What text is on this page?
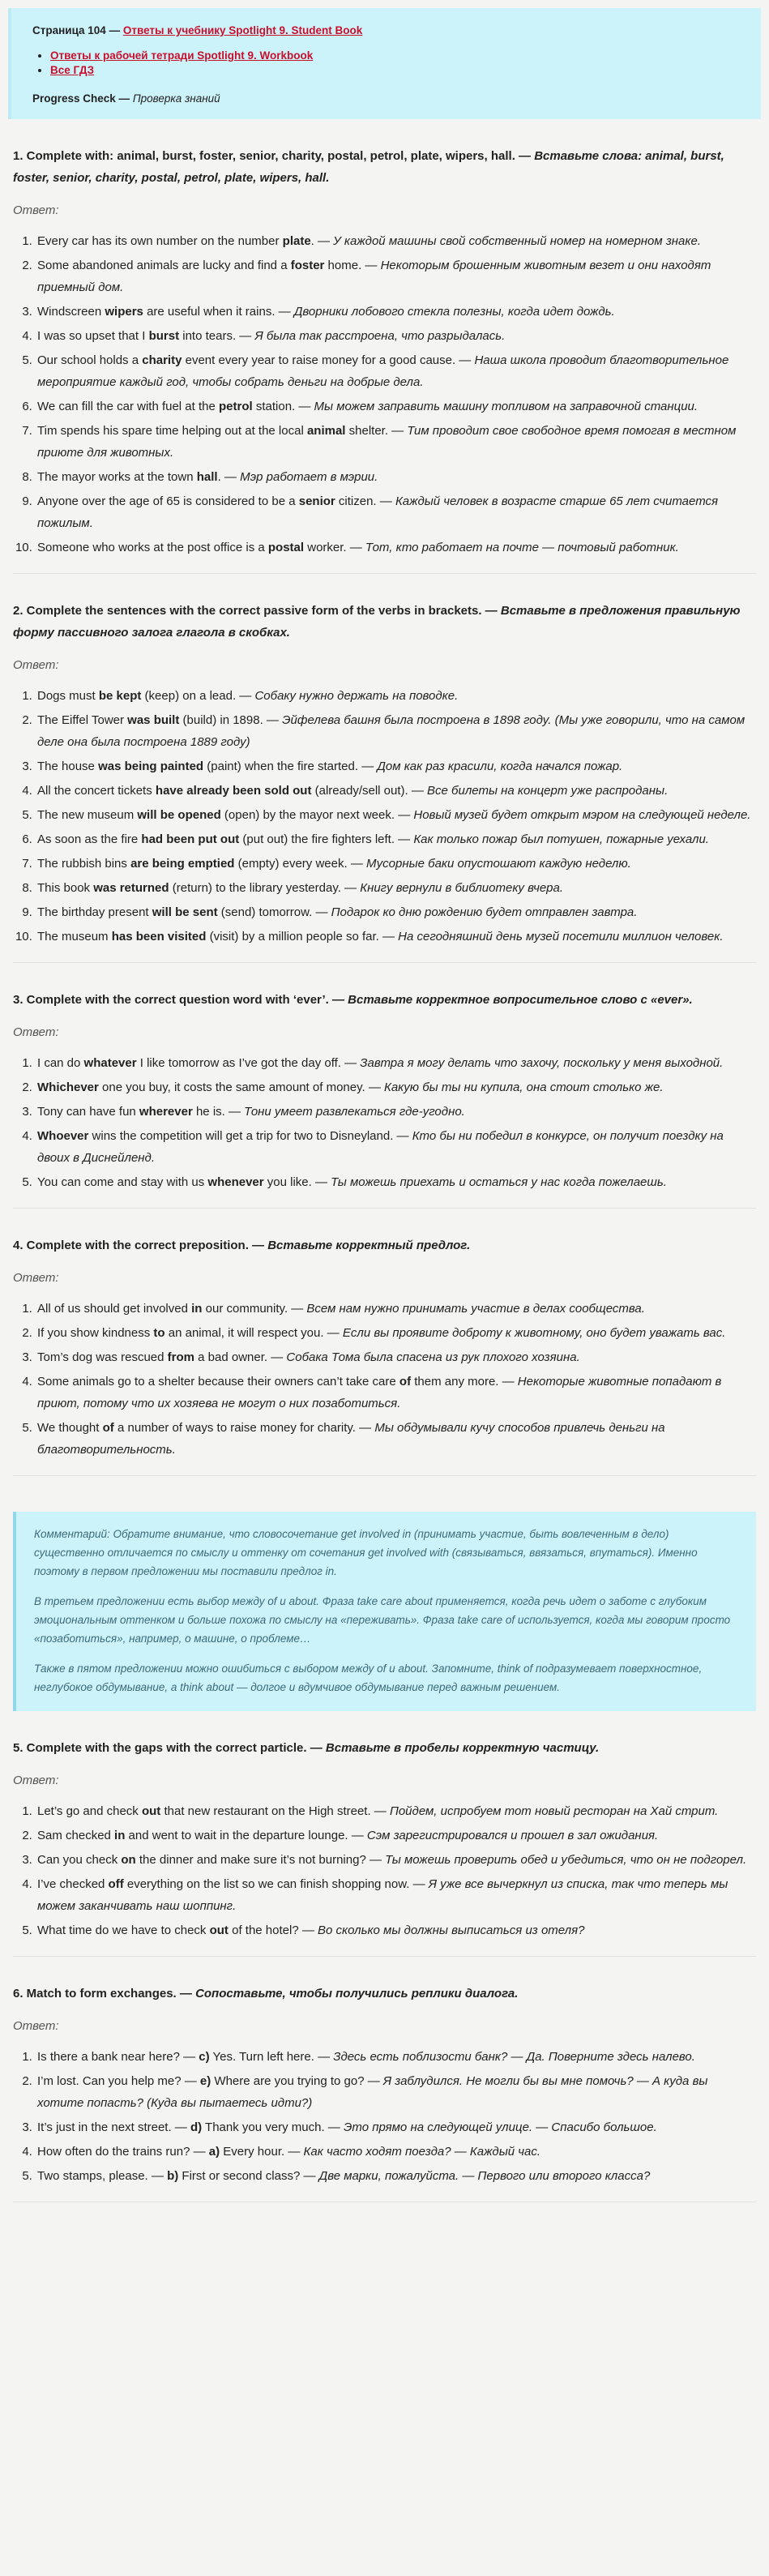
Страница 104 — Ответы к учебнику Spotlight 9. Student Book
• Ответы к рабочей тетради Spotlight 9. Workbook
• Все ГДЗ
Progress Check — Проверка знаний
1. Complete with: animal, burst, foster, senior, charity, postal, petrol, plate, wipers, hall. — Вставьте слова: animal, burst, foster, senior, charity, postal, petrol, plate, wipers, hall.
Ответ:
1. Every car has its own number on the number plate. — У каждой машины свой собственный номер на номерном знаке.
2. Some abandoned animals are lucky and find a foster home. — Некоторым брошенным животным везет и они находят приемный дом.
3. Windscreen wipers are useful when it rains. — Дворники лобового стекла полезны, когда идет дождь.
4. I was so upset that I burst into tears. — Я была так расстроена, что разрыдалась.
5. Our school holds a charity event every year to raise money for a good cause. — Наша школа проводит благотворительное мероприятие каждый год, чтобы собрать деньги на добрые дела.
6. We can fill the car with fuel at the petrol station. — Мы можем заправить машину топливом на заправочной станции.
7. Tim spends his spare time helping out at the local animal shelter. — Тим проводит свое свободное время помогая в местном приюте для животных.
8. The mayor works at the town hall. — Мэр работает в мэрии.
9. Anyone over the age of 65 is considered to be a senior citizen. — Каждый человек в возрасте старше 65 лет считается пожилым.
10. Someone who works at the post office is a postal worker. — Тот, кто работает на почте — почтовый работник.
2. Complete the sentences with the correct passive form of the verbs in brackets. — Вставьте в предложения правильную форму пассивного залога глагола в скобках.
Ответ:
1. Dogs must be kept (keep) on a lead. — Собаку нужно держать на поводке.
2. The Eiffel Tower was built (build) in 1898. — Эйфелева башня была построена в 1898 году. (Мы уже говорили, что на самом деле она была построена 1889 году)
3. The house was being painted (paint) when the fire started. — Дом как раз красили, когда начался пожар.
4. All the concert tickets have already been sold out (already/sell out). — Все билеты на концерт уже распроданы.
5. The new museum will be opened (open) by the mayor next week. — Новый музей будет открыт мэром на следующей неделе.
6. As soon as the fire had been put out (put out) the fire fighters left. — Как только пожар был потушен, пожарные уехали.
7. The rubbish bins are being emptied (empty) every week. — Мусорные баки опустошают каждую неделю.
8. This book was returned (return) to the library yesterday. — Книгу вернули в библиотеку вчера.
9. The birthday present will be sent (send) tomorrow. — Подарок ко дню рождению будет отправлен завтра.
10. The museum has been visited (visit) by a million people so far. — На сегодняшний день музей посетили миллион человек.
3. Complete with the correct question word with ‘ever’. — Вставьте корректное вопросительное слово с «ever».
Ответ:
1. I can do whatever I like tomorrow as I’ve got the day off. — Завтра я могу делать что захочу, поскольку у меня выходной.
2. Whichever one you buy, it costs the same amount of money. — Какую бы ты ни купила, она стоит столько же.
3. Tony can have fun wherever he is. — Тони умеет развлекаться где-угодно.
4. Whoever wins the competition will get a trip for two to Disneyland. — Кто бы ни победил в конкурсе, он получит поездку на двоих в Диснейленд.
5. You can come and stay with us whenever you like. — Ты можешь приехать и остаться у нас когда пожелаешь.
4. Complete with the correct preposition. — Вставьте корректный предлог.
Ответ:
1. All of us should get involved in our community. — Всем нам нужно принимать участие в делах сообщества.
2. If you show kindness to an animal, it will respect you. — Если вы проявите доброту к животному, оно будет уважать вас.
3. Tom’s dog was rescued from a bad owner. — Собака Тома была спасена из рук плохого хозяина.
4. Some animals go to a shelter because their owners can’t take care of them any more. — Некоторые животные попадают в приют, потому что их хозяева не могут о них позаботиться.
5. We thought of a number of ways to raise money for charity. — Мы обдумывали кучу способов привлечь деньги на благотворительность.

Комментарий: Обратите внимание, что словосочетание get involved in (принимать участие, быть вовлеченным в дело) существенно отличается по смыслу и оттенку от сочетания get involved with (связываться, ввязаться, впутаться). Именно поэтому в первом предложении мы поставили предлог in.

В третьем предложении есть выбор между of и about. Фраза take care about применяется, когда речь идет о заботе с глубоким эмоциональным оттенком и больше похожа по смыслу на «переживать». Фраза take care of используется, когда мы говорим просто «позаботиться», например, о машине, о проблеме…

Также в пятом предложении можно ошибиться с выбором между of и about. Запомните, think of подразумевает поверхностное, неглубокое обдумывание, а think about — долгое и вдумчивое обдумывание перед важным решением.

5. Complete with the gaps with the correct particle. — Вставьте в пробелы корректную частицу.
Ответ:
1. Let’s go and check out that new restaurant on the High street. — Пойдем, испробуем тот новый ресторан на Хай стрит.
2. Sam checked in and went to wait in the departure lounge. — Сэм зарегистрировался и прошел в зал ожидания.
3. Can you check on the dinner and make sure it’s not burning? — Ты можешь проверить обед и убедиться, что он не подгорел.
4. I’ve checked off everything on the list so we can finish shopping now. — Я уже все вычеркнул из списка, так что теперь мы можем заканчивать наш шоппинг.
5. What time do we have to check out of the hotel? — Во сколько мы должны выписаться из отеля?
6. Match to form exchanges. — Сопоставьте, чтобы получились реплики диалога.
Ответ:
1. Is there a bank near here? — c) Yes. Turn left here. — Здесь есть поблизости банк? — Да. Поверните здесь налево.
2. I’m lost. Can you help me? — e) Where are you trying to go? — Я заблудился. Не могли бы вы мне помочь? — А куда вы хотите попасть? (Куда вы пытаетесь идти?)
3. It’s just in the next street. — d) Thank you very much. — Это прямо на следующей улице. — Спасибо большое.
4. How often do the trains run? — a) Every hour. — Как часто ходят поезда? — Каждый час.
5. Two stamps, please. — b) First or second class? — Две марки, пожалуйста. — Первого или второго класса?
